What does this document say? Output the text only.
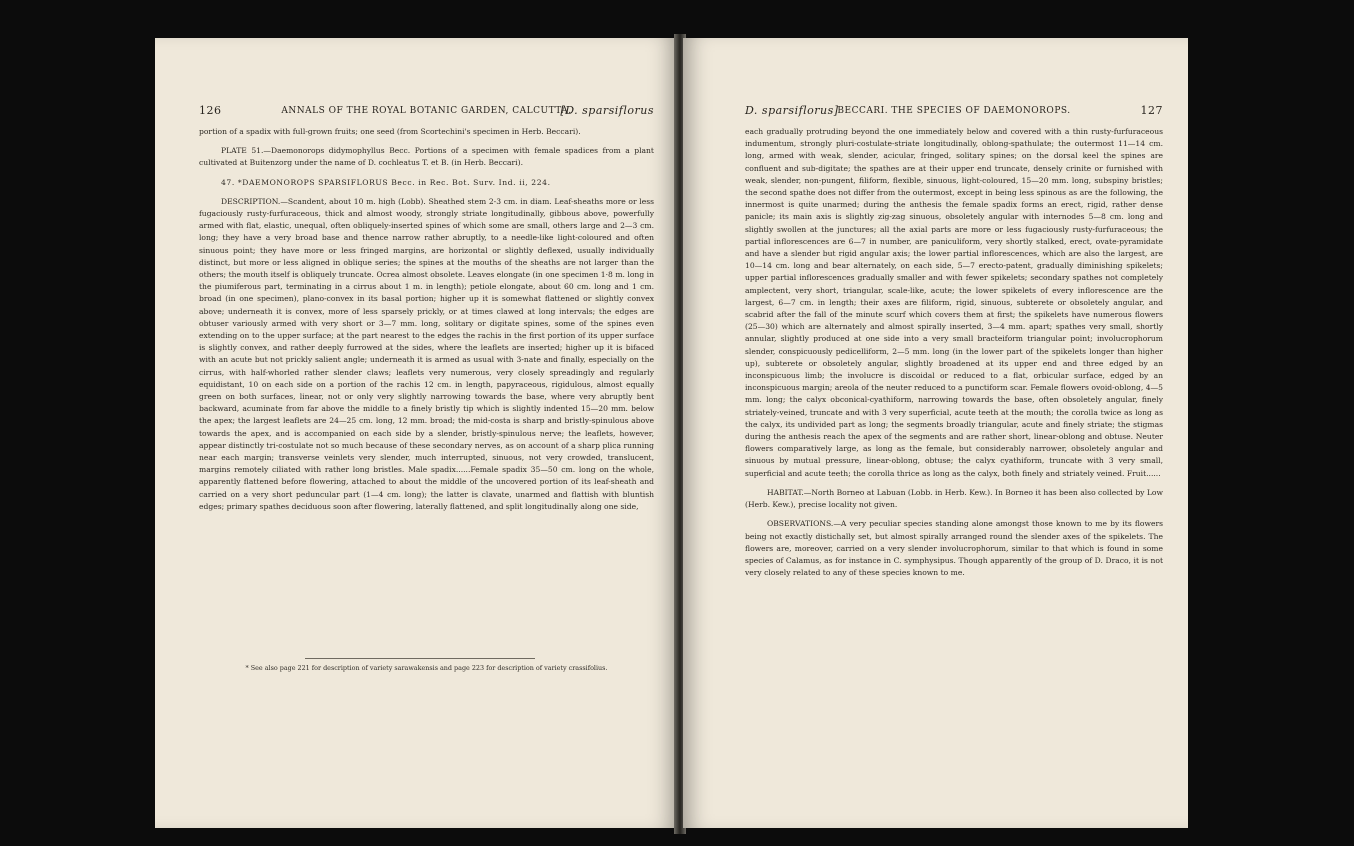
126	ANNALS OF THE ROYAL BOTANIC GARDEN, CALCUTTA.
[D. sparsiflorus

portion of a spadix with full-grown fruits; one seed (from Scortechini's specimen in Herb. Beccari).

PLATE 51.—Daemonorops didymophyllus Becc. Portions of a specimen with female spadices from a plant cultivated at Buitenzorg under the name of D. cochleatus T. et B. (in Herb. Beccari).

47. *DAEMONOROPS SPARSIFLORUS Becc. in Rec. Bot. Surv. Ind. ii, 224.

DESCRIPTION.—Scandent, about 10 m. high (Lobb). Sheathed stem 2-3 cm. in diam. Leaf-sheaths more or less fugaciously rusty-furfuraceous, thick and almost woody, strongly striate longitudinally, gibbous above, powerfully armed with flat, elastic, unequal, often obliquely-inserted spines of which some are small, others large and 2—3 cm. long; they have a very broad base and thence narrow rather abruptly, to a needle-like light-coloured and often sinuous point; they have more or less fringed margins, are horizontal or slightly deflexed, usually individually distinct, but more or less aligned in oblique series; the spines at the mouths of the sheaths are not larger than the others; the mouth itself is obliquely truncate. Ocrea almost obsolete. Leaves elongate (in one specimen 1·8 m. long in the piumiferous part, terminating in a cirrus about 1 m. in length); petiole elongate, about 60 cm. long and 1 cm. broad (in one specimen), plano-convex in its basal portion; higher up it is somewhat flattened or slightly convex above; underneath it is convex, more of less sparsely prickly, or at times clawed at long intervals; the edges are obtuser variously armed with very short or 3—7 mm. long, solitary or digitate spines, some of the spines even extending on to the upper surface; at the part nearest to the edges the rachis in the first portion of its upper surface is slightly convex, and rather deeply furrowed at the sides, where the leaflets are inserted; higher up it is bifaced with an acute but not prickly salient angle; underneath it is armed as usual with 3-nate and finally, especially on the cirrus, with half-whorled rather slender claws; leaflets very numerous, very closely spreadingly and regularly equidistant, 10 on each side on a portion of the rachis 12 cm. in length, papyraceous, rigidulous, almost equally green on both surfaces, linear, not or only very slightly narrowing towards the base, where very abruptly bent backward, acuminate from far above the middle to a finely bristly tip which is slightly indented 15—20 mm. below the apex; the largest leaflets are 24—25 cm. long, 12 mm. broad; the mid-costa is sharp and bristly-spinulous above towards the apex, and is accompanied on each side by a slender, bristly-spinulous nerve; the leaflets, however, appear distinctly tri-costulate not so much because of these secondary nerves, as on account of a sharp plica running near each margin; transverse veinlets very slender, much interrupted, sinuous, not very crowded, translucent, margins remotely ciliated with rather long bristles. Male spadix......Female spadix 35—50 cm. long on the whole, apparently flattened before flowering, attached to about the middle of the uncovered portion of its leaf-sheath and carried on a very short peduncular part (1—4 cm. long); the latter is clavate, unarmed and flattish with bluntish edges; primary spathes deciduous soon after flowering, laterally flattened, and split longitudinally along one side,

* See also page 221 for description of variety sarawakensis and page 223 for description of variety crassifolius.
D. sparsiflorus]
BECCARI. THE SPECIES OF DAEMONOROPS.	127

each gradually protruding beyond the one immediately below and covered with a thin rusty-furfuraceous indumentum, strongly pluri-costulate-striate longitudinally, oblong-spathulate; the outermost 11—14 cm. long, armed with weak, slender, acicular, fringed, solitary spines; on the dorsal keel the spines are confluent and sub-digitate; the spathes are at their upper end truncate, densely crinite or furnished with weak, slender, non-pungent, filiform, flexible, sinuous, light-coloured, 15—20 mm. long, subspiny bristles; the second spathe does not differ from the outermost, except in being less spinous as are the following, the innermost is quite unarmed; during the anthesis the female spadix forms an erect, rigid, rather dense panicle; its main axis is slightly zig-zag sinuous, obsoletely angular with internodes 5—8 cm. long and slightly swollen at the junctures; all the axial parts are more or less fugaciously rusty-furfuraceous; the partial inflorescences are 6—7 in number, are paniculiform, very shortly stalked, erect, ovate-pyramidate and have a slender but rigid angular axis; the lower partial inflorescences, which are also the largest, are 10—14 cm. long and bear alternately, on each side, 5—7 erecto-patent, gradually diminishing spikelets; upper partial inflorescences gradually smaller and with fewer spikelets; secondary spathes not completely amplectent, very short, triangular, scale-like, acute; the lower spikelets of every inflorescence are the largest, 6—7 cm. in length; their axes are filiform, rigid, sinuous, subterete or obsoletely angular, and scabrid after the fall of the minute scurf which covers them at first; the spikelets have numerous flowers (25—30) which are alternately and almost spirally inserted, 3—4 mm. apart; spathes very small, shortly annular, slightly produced at one side into a very small bracteiform triangular point; involucrophorum slender, conspicuously pedicelliform, 2—5 mm. long (in the lower part of the spikelets longer than higher up), subterete or obsoletely angular, slightly broadened at its upper end and three edged by an inconspicuous limb; the involucre is discoidal or reduced to a flat, orbicular surface, edged by an inconspicuous margin; areola of the neuter reduced to a punctiform scar. Female flowers ovoid-oblong, 4—5 mm. long; the calyx obconical-cyathiform, narrowing towards the base, often obsoletely angular, finely striately-veined, truncate and with 3 very superficial, acute teeth at the mouth; the corolla twice as long as the calyx, its undivided part as long; the segments broadly triangular, acute and finely striate; the stigmas during the anthesis reach the apex of the segments and are rather short, linear-oblong and obtuse. Neuter flowers comparatively large, as long as the female, but considerably narrower, obsoletely angular and sinuous by mutual pressure, linear-oblong, obtuse; the calyx cyathiform, truncate with 3 very small, superficial and acute teeth; the corolla thrice as long as the calyx, both finely and striately veined. Fruit......

HABITAT.—North Borneo at Labuan (Lobb. in Herb. Kew.). In Borneo it has been also collected by Low (Herb. Kew.), precise locality not given.

OBSERVATIONS.—A very peculiar species standing alone amongst those known to me by its flowers being not exactly distichally set, but almost spirally arranged round the slender axes of the spikelets. The flowers are, moreover, carried on a very slender involucrophorum, similar to that which is found in some species of Calamus, as for instance in C. symphysipus. Though apparently of the group of D. Draco, it is not very closely related to any of these species known to me.
